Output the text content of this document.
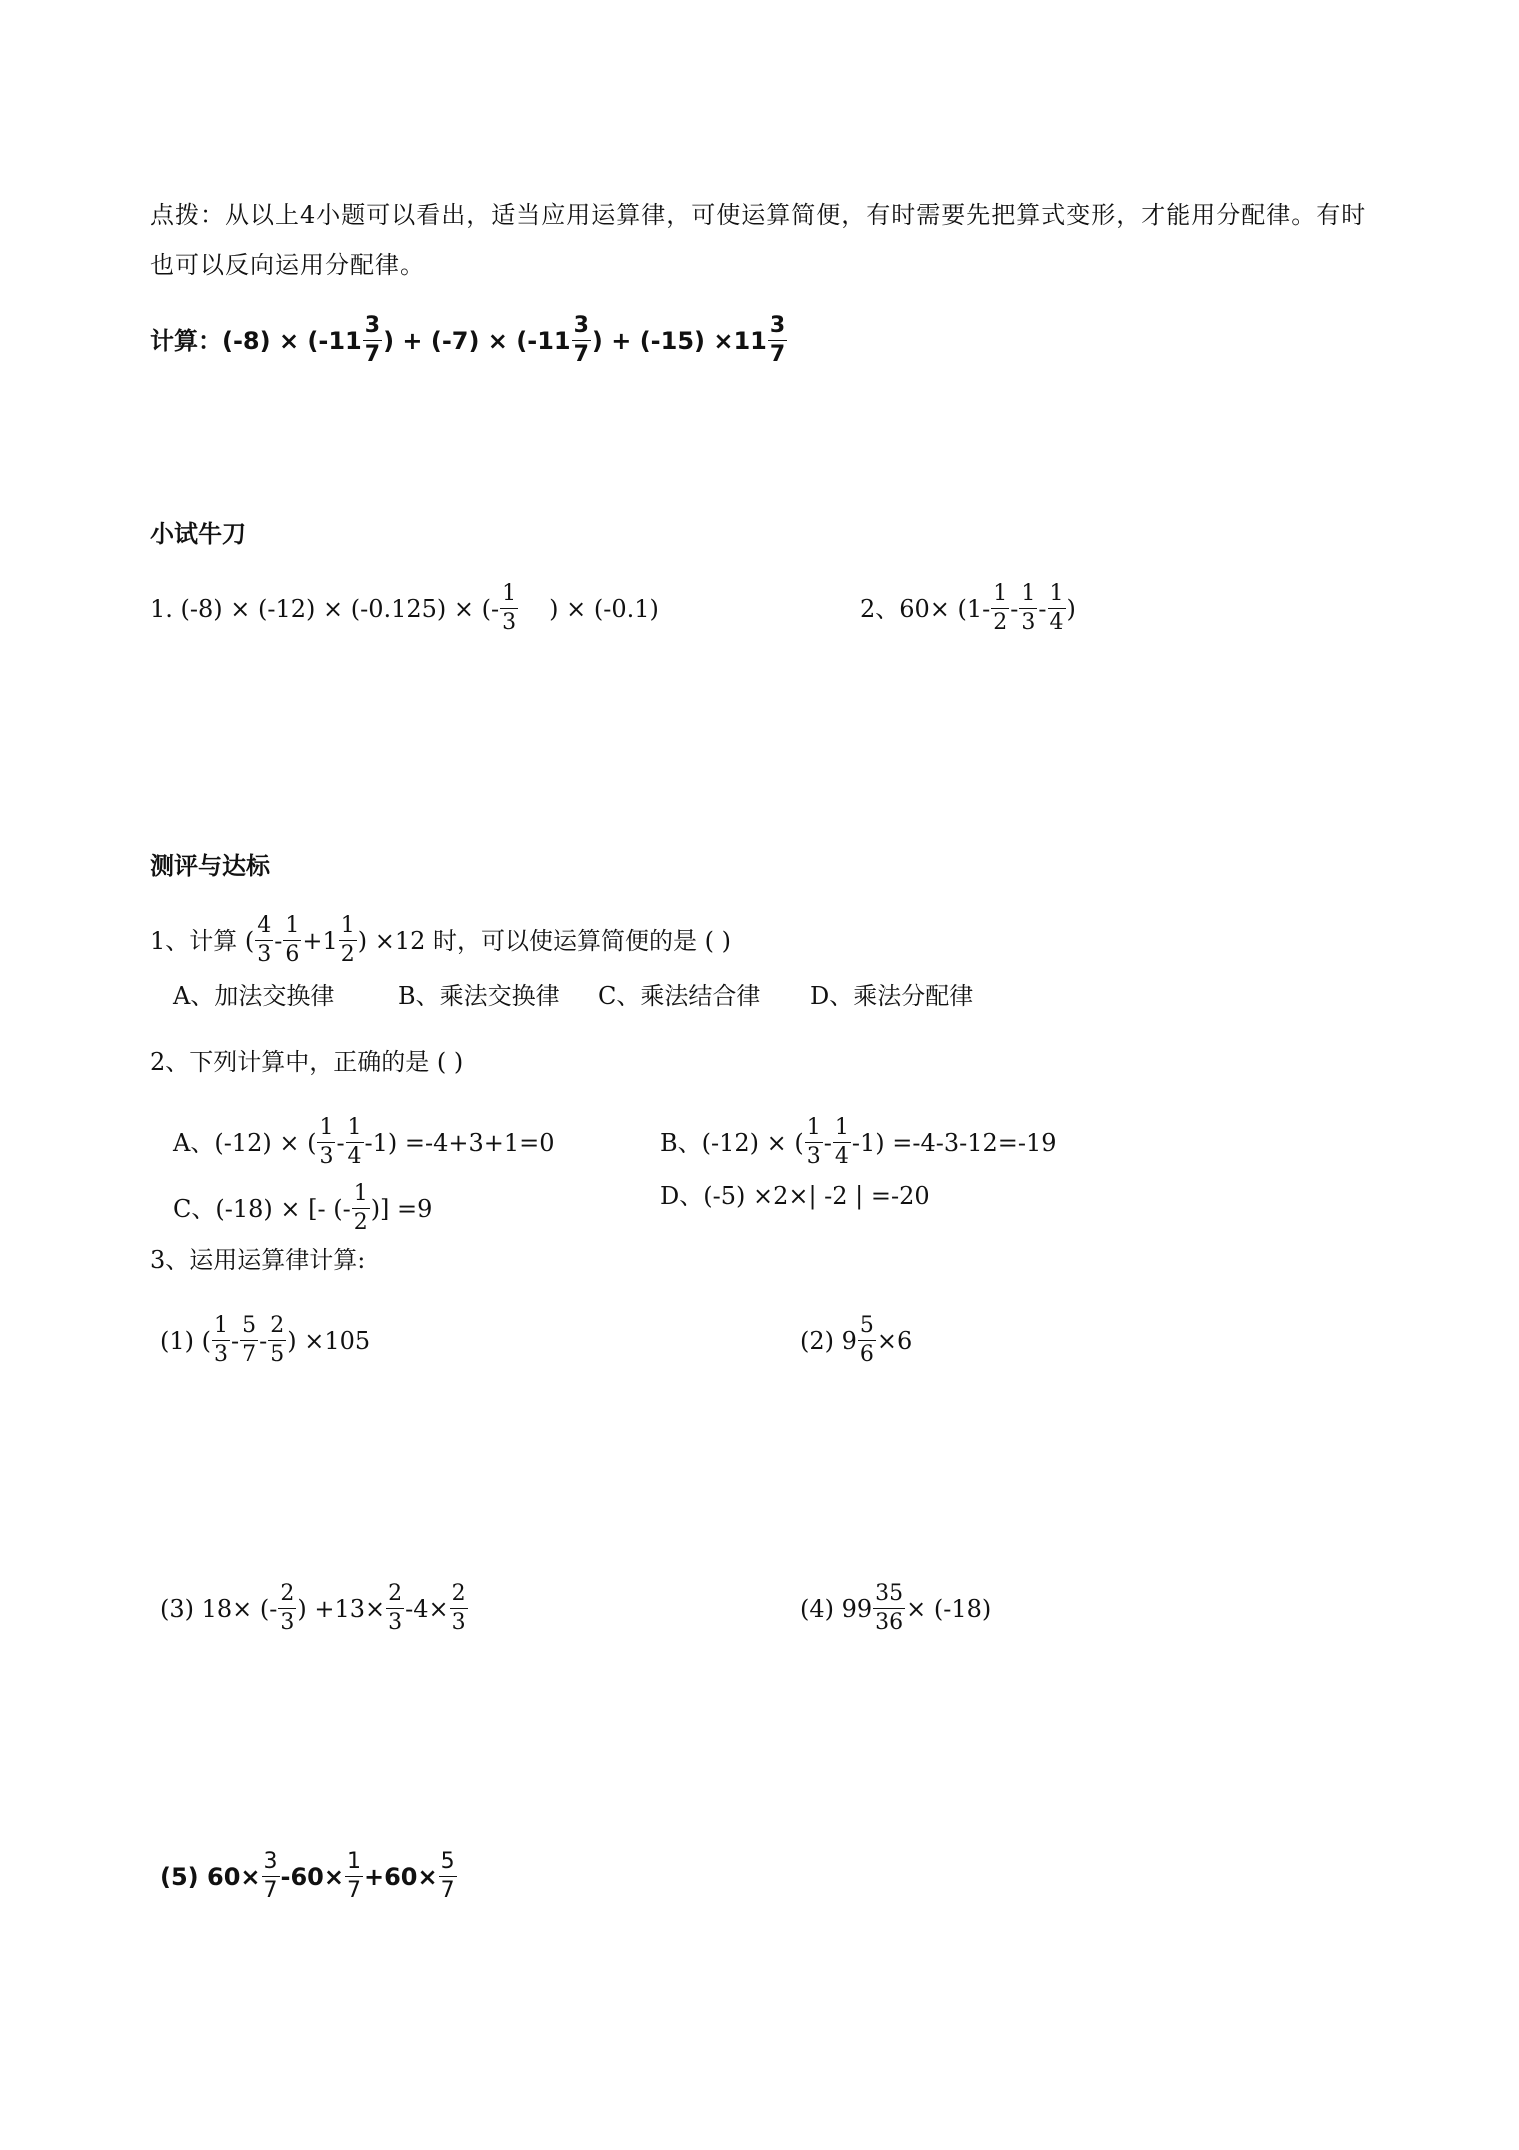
点拨：从以上4小题可以看出，适当应用运算律，可使运算简便，有时需要先把算式变形，才能用分配律。有时也可以反向运用分配律。
计算：$(-8) \times (-11 \frac{3}{7}$ ) + $(-7) \times (-11 \frac{3}{7}$ ) + $(-15) \times 11 \frac{3}{7}$
小试牛刀
1. (-8) × (-12) × (-0.125) × (- $\frac{1}{3}$ ) × (-0.1)	2、$60\times (1- \frac{1}{2} - \frac{1}{3} - \frac{1}{4}$ )
测评与达标
1、计算 ( $\frac{4}{3} - \frac{1}{6} +1 \frac{1}{2}$ ) ×12 时，可以使运算简便的是 ( )
A、加法交换律	B、乘法交换律 C、乘法结合律 D、乘法分配律
2、下列计算中，正确的是 ( )
A、(-12) × ( $\frac{1}{3} - \frac{1}{4} -1) =-4+3+1=0$	B、(-12) × ( $\frac{1}{3} - \frac{1}{4} -1) =-4-3-12=-19$
C、(-18) × [- (- $\frac{1}{2}$ )] =9	D、(-5) ×2×| -2 | =-20
3、运用运算律计算:
(1) ( $\frac{1}{3} - \frac{5}{7} - \frac{2}{5}$ ) ×105	(2) $9 \frac{5}{6} \times 6$
(3) 18× (- $\frac{2}{3}$ ) $+13\times \frac{2}{3} -4\times \frac{2}{3}$	(4) $99 \frac{35}{36} \times (-18)$
(5) $60\times \frac{3}{7} -60\times \frac{1}{7} +60\times \frac{5}{7}$
